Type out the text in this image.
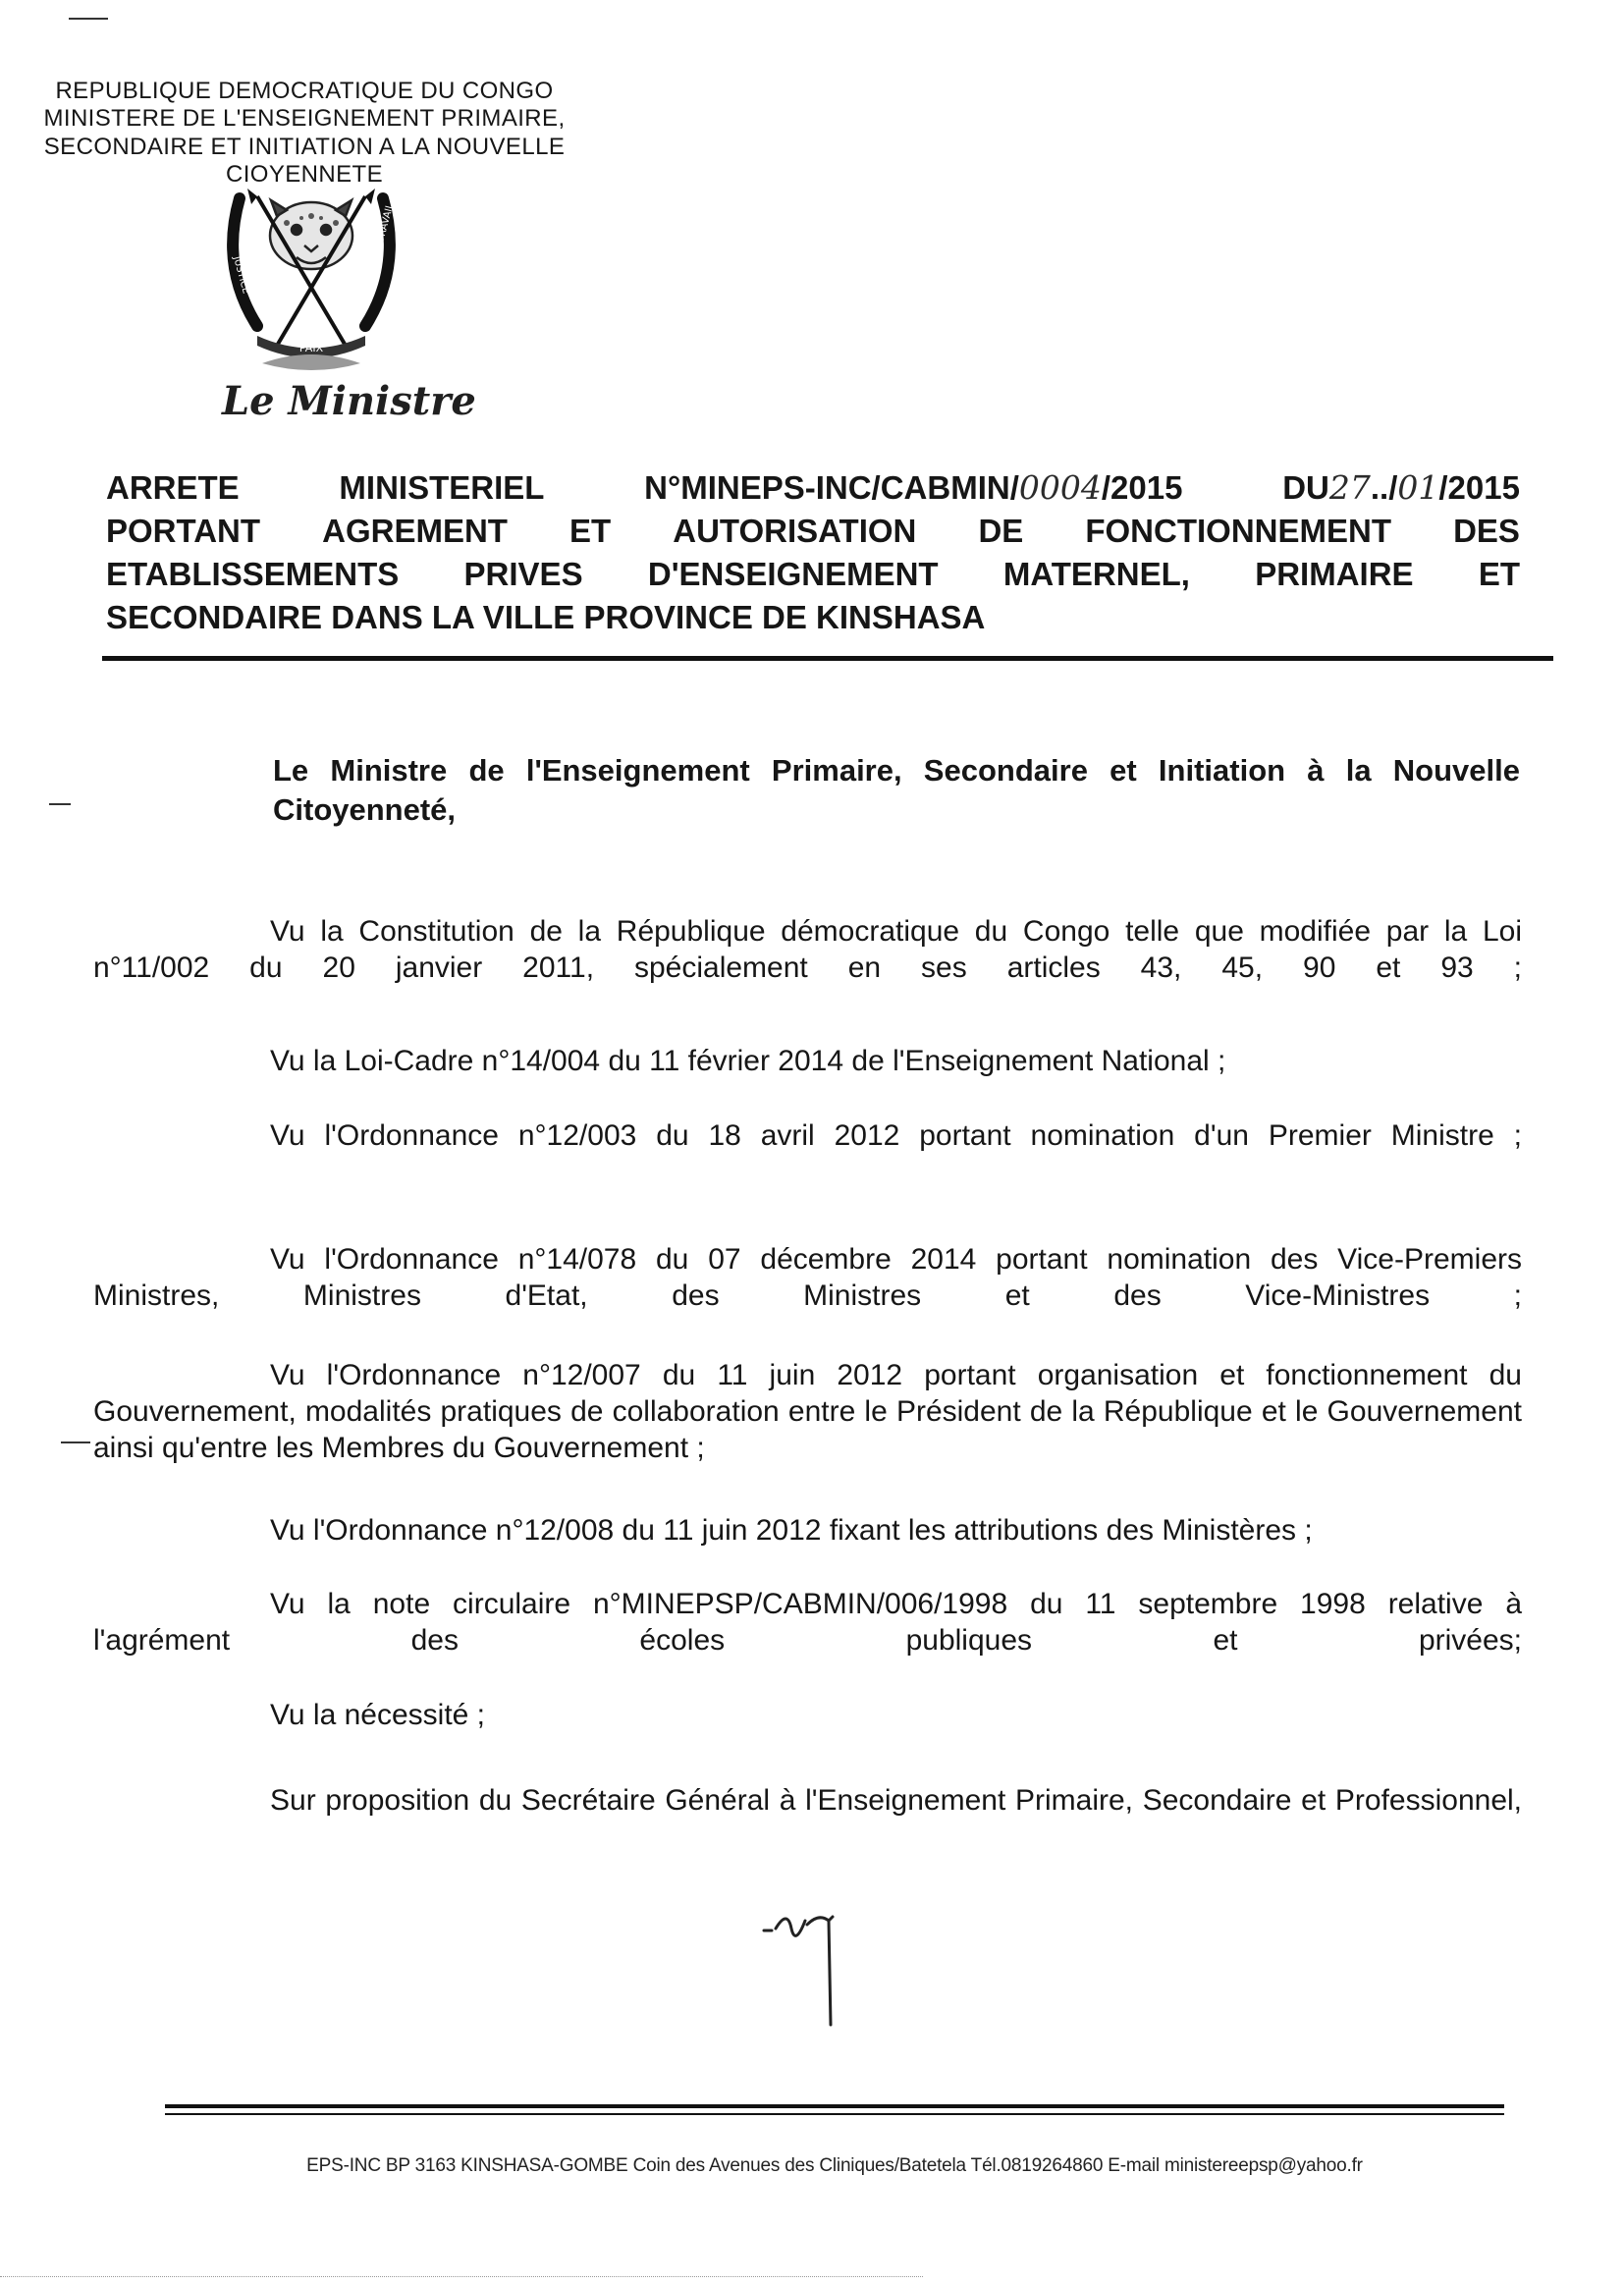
REPUBLIQUE DEMOCRATIQUE DU CONGO
MINISTERE DE L'ENSEIGNEMENT PRIMAIRE,
SECONDAIRE ET INITIATION A LA NOUVELLE
CIOYENNETE
PAIX
JUSTICE
TRAVAIL
Le Ministre
ARRETE	MINISTERIEL	N°MINEPS-INC/CABMIN/0004/2015	DU27../01/2015
PORTANT AGREMENT ET AUTORISATION DE FONCTIONNEMENT DES
ETABLISSEMENTS PRIVES D'ENSEIGNEMENT MATERNEL, PRIMAIRE ET
SECONDAIRE DANS LA VILLE PROVINCE DE KINSHASA
Le Ministre de l'Enseignement Primaire, Secondaire et Initiation à la Nouvelle Citoyenneté,
Vu la Constitution de la République démocratique du Congo telle que modifiée par la Loi n°11/002 du 20 janvier 2011, spécialement en ses articles 43, 45, 90 et 93 ;
Vu la Loi-Cadre n°14/004 du 11 février 2014 de l'Enseignement National ;
Vu l'Ordonnance n°12/003 du 18 avril 2012 portant nomination d'un Premier Ministre ;
Vu l'Ordonnance n°14/078 du 07 décembre 2014 portant nomination des Vice-Premiers Ministres, Ministres d'Etat, des Ministres et des Vice-Ministres ;
Vu l'Ordonnance n°12/007 du 11 juin 2012 portant organisation et fonctionnement du Gouvernement, modalités pratiques de collaboration entre le Président de la République et le Gouvernement ainsi qu'entre les Membres du Gouvernement ;
Vu l'Ordonnance n°12/008 du 11 juin 2012 fixant les attributions des Ministères ;
Vu la note circulaire n°MINEPSP/CABMIN/006/1998 du 11 septembre 1998 relative à l'agrément des écoles publiques et privées;
Vu la nécessité ;
Sur proposition du Secrétaire Général à l'Enseignement Primaire, Secondaire et Professionnel,
EPS-INC BP 3163 KINSHASA-GOMBE Coin des Avenues des Cliniques/Batetela Tél.0819264860 E-mail ministereepsp@yahoo.fr
